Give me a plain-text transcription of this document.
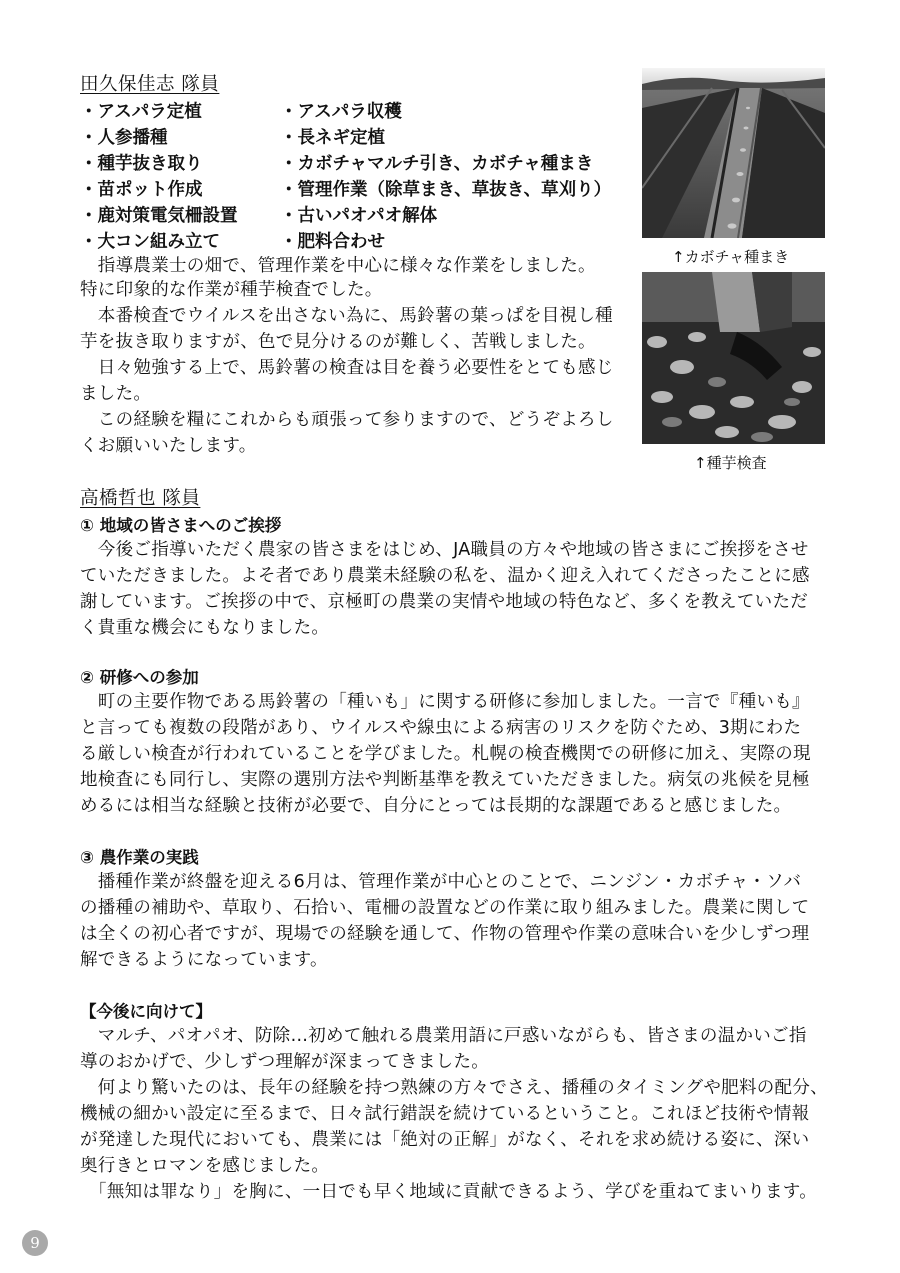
田久保佳志 隊員
・アスパラ定植
・人参播種
・種芋抜き取り
・苗ポット作成
・鹿対策電気柵設置
・大コン組み立て
・アスパラ収穫
・長ネギ定植
・カボチャマルチ引き、カボチャ種まき
・管理作業（除草まき、草抜き、草刈り）
・古いパオパオ解体
・肥料合わせ
　指導農業士の畑で、管理作業を中心に様々な作業をしました。
特に印象的な作業が種芋検査でした。
　本番検査でウイルスを出さない為に、馬鈴薯の葉っぱを目視し種
芋を抜き取りますが、色で見分けるのが難しく、苦戦しました。
　日々勉強する上で、馬鈴薯の検査は目を養う必要性をとても感じ
ました。
　この経験を糧にこれからも頑張って参りますので、どうぞよろし
くお願いいたします。
↑カボチャ種まき
↑種芋検査
高橋哲也 隊員
① 地域の皆さまへのご挨拶
　今後ご指導いただく農家の皆さまをはじめ、JA職員の方々や地域の皆さまにご挨拶をさせ
ていただきました。よそ者であり農業未経験の私を、温かく迎え入れてくださったことに感
謝しています。ご挨拶の中で、京極町の農業の実情や地域の特色など、多くを教えていただ
く貴重な機会にもなりました。
② 研修への参加
　町の主要作物である馬鈴薯の「種いも」に関する研修に参加しました。一言で『種いも』
と言っても複数の段階があり、ウイルスや線虫による病害のリスクを防ぐため、3期にわた
る厳しい検査が行われていることを学びました。札幌の検査機関での研修に加え、実際の現
地検査にも同行し、実際の選別方法や判断基準を教えていただきました。病気の兆候を見極
めるには相当な経験と技術が必要で、自分にとっては長期的な課題であると感じました。
③ 農作業の実践
　播種作業が終盤を迎える6月は、管理作業が中心とのことで、ニンジン・カボチャ・ソバ
の播種の補助や、草取り、石拾い、電柵の設置などの作業に取り組みました。農業に関して
は全くの初心者ですが、現場での経験を通して、作物の管理や作業の意味合いを少しずつ理
解できるようになっています。
【今後に向けて】
　マルチ、パオパオ、防除…初めて触れる農業用語に戸惑いながらも、皆さまの温かいご指
導のおかげで、少しずつ理解が深まってきました。
　何より驚いたのは、長年の経験を持つ熟練の方々でさえ、播種のタイミングや肥料の配分、
機械の細かい設定に至るまで、日々試行錯誤を続けているということ。これほど技術や情報
が発達した現代においても、農業には「絶対の正解」がなく、それを求め続ける姿に、深い
奥行きとロマンを感じました。
　「無知は罪なり」を胸に、一日でも早く地域に貢献できるよう、学びを重ねてまいります。
9
